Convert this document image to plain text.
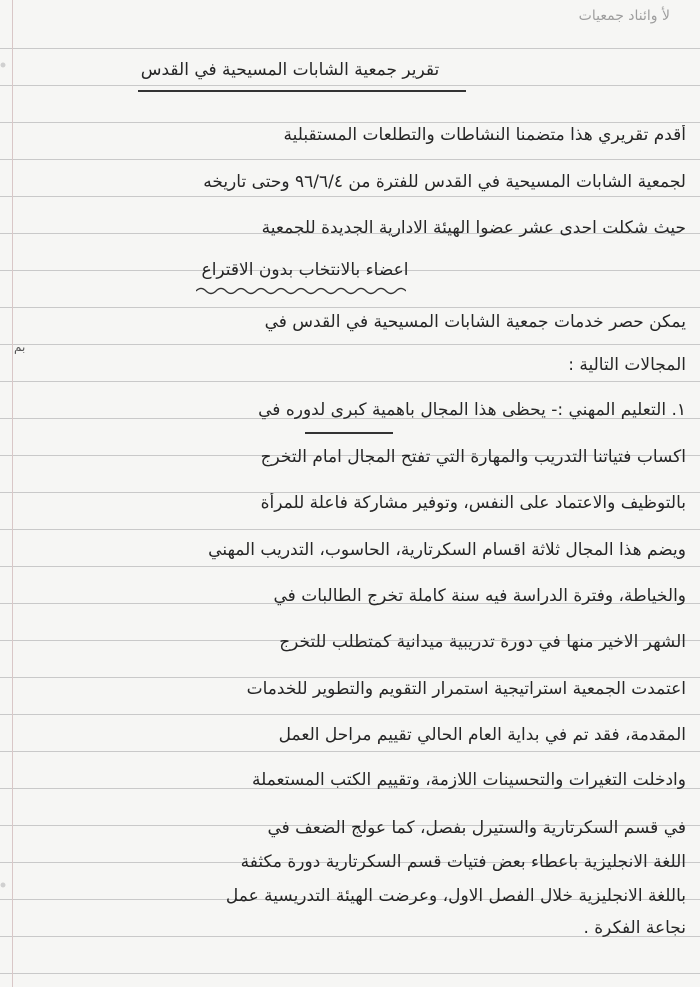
لأ وائناد جمعيات
تقرير جمعية الشابات المسيحية في القدس
أقدم تقريري هذا متضمنا النشاطات والتطلعات المستقبلية
لجمعية الشابات المسيحية في القدس للفترة من ٩٦/٦/٤ وحتى تاريخه
حيث شكلت احدى عشر عضوا الهيئة الادارية الجديدة للجمعية
اعضاء بالانتخاب بدون الاقتراع
يمكن حصر خدمات جمعية الشابات المسيحية في القدس في
بم
المجالات التالية :
١. التعليم المهني :- يحظى هذا المجال باهمية كبرى لدوره في
اكساب فتياتنا التدريب والمهارة التي تفتح المجال امام التخرج
بالتوظيف والاعتماد على النفس، وتوفير مشاركة فاعلة للمرأة
ويضم هذا المجال ثلاثة اقسام السكرتارية، الحاسوب، التدريب المهني
والخياطة، وفترة الدراسة فيه سنة كاملة تخرج الطالبات في
الشهر الاخير منها في دورة تدريبية ميدانية كمتطلب للتخرج
اعتمدت الجمعية استراتيجية استمرار التقويم والتطوير للخدمات
المقدمة، فقد تم في بداية العام الحالي تقييم مراحل العمل
وادخلت التغيرات والتحسينات اللازمة، وتقييم الكتب المستعملة
في قسم السكرتارية والستيرل بفصل، كما عولج الضعف في
اللغة الانجليزية باعطاء بعض فتيات قسم السكرتارية دورة مكثفة
باللغة الانجليزية خلال الفصل الاول، وعرضت الهيئة التدريسية عمل
نجاعة الفكرة .
